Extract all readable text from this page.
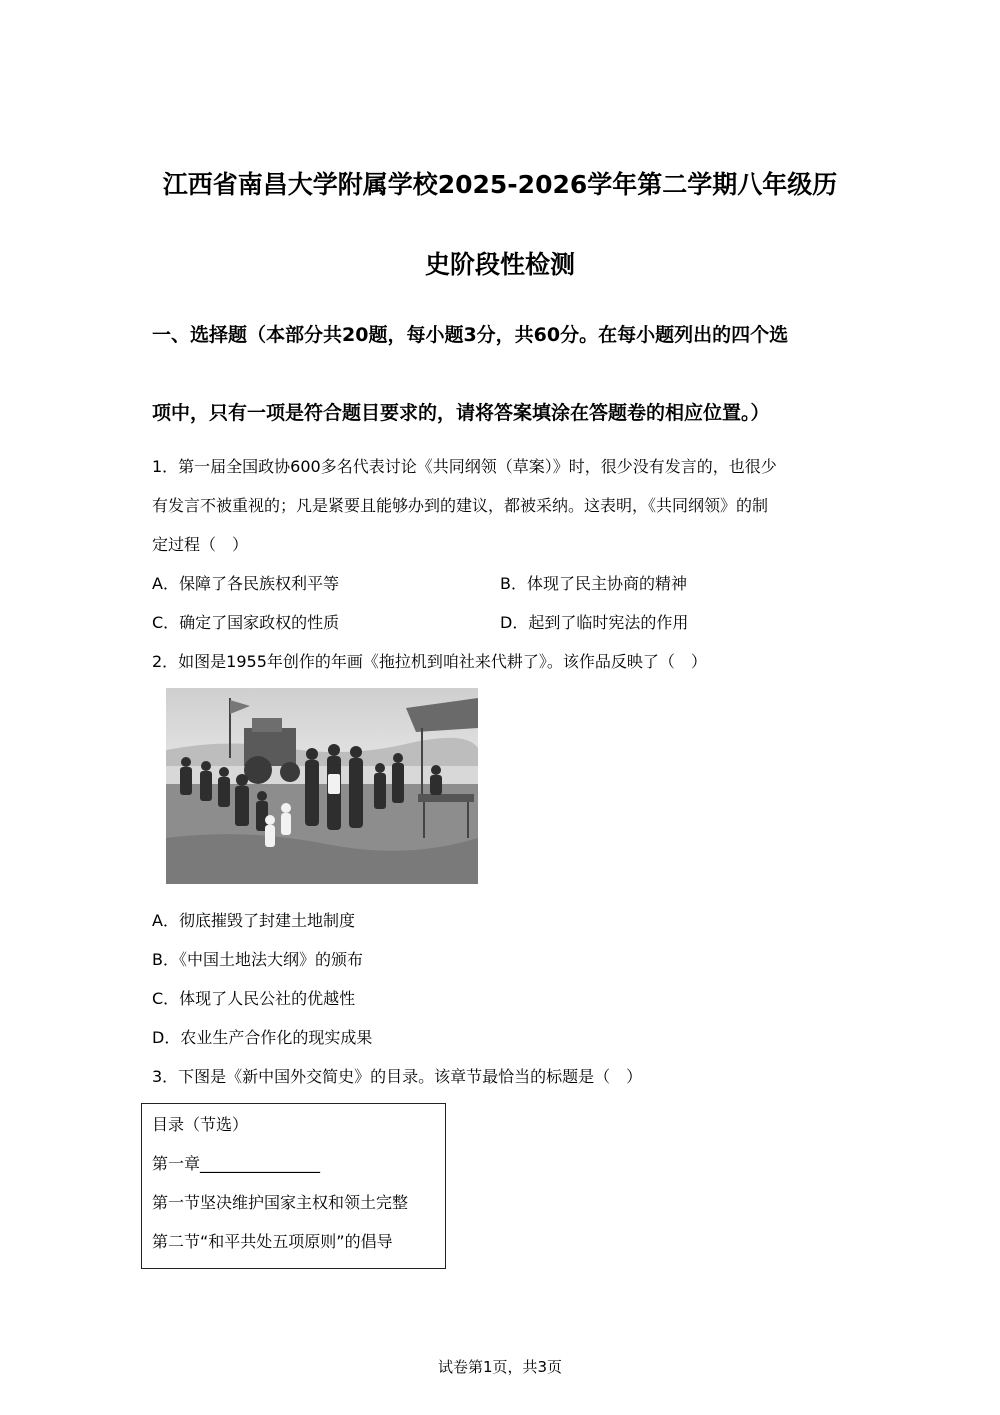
江西省南昌大学附属学校2025-2026学年第二学期八年级历
史阶段性检测
一、选择题（本部分共20题，每小题3分，共60分。在每小题列出的四个选
项中，只有一项是符合题目要求的，请将答案填涂在答题卷的相应位置。）
1．第一届全国政协600多名代表讨论《共同纲领（草案）》时，很少没有发言的，也很少
有发言不被重视的；凡是紧要且能够办到的建议，都被采纳。这表明，《共同纲领》的制
定过程（　）
A．保障了各民族权利平等	B．体现了民主协商的精神
C．确定了国家政权的性质	D．起到了临时宪法的作用
2．如图是1955年创作的年画《拖拉机到咱社来代耕了》。该作品反映了（　）
A．彻底摧毁了封建土地制度
B．《中国土地法大纲》的颁布
C．体现了人民公社的优越性
D．农业生产合作化的现实成果
3．下图是《新中国外交简史》的目录。该章节最恰当的标题是（　）
目录（节选）
第一章_______________
第一节坚决维护国家主权和领土完整
第二节“和平共处五项原则”的倡导
试卷第1页，共3页
